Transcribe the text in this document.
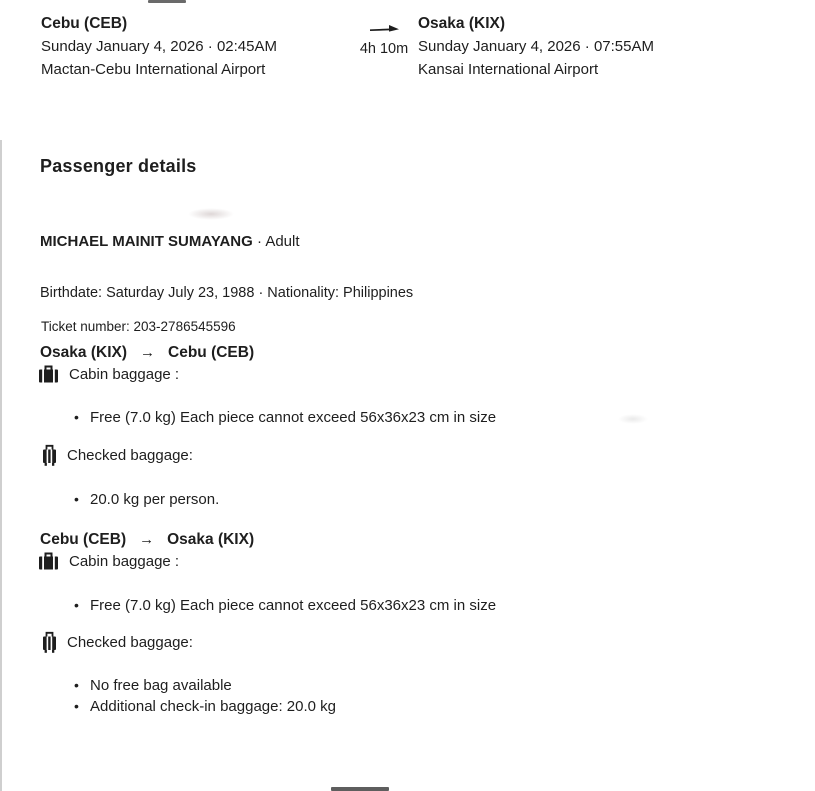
Cebu (CEB)
Sunday January 4, 2026 · 02:45AM
Mactan-Cebu International Airport
4h 10m
Osaka (KIX)
Sunday January 4, 2026 · 07:55AM
Kansai International Airport
Passenger details
MICHAEL MAINIT SUMAYANG · Adult
Birthdate: Saturday July 23, 1988 · Nationality: Philippines
Ticket number: 203-2786545596
Osaka (KIX) → Cebu (CEB)
Cabin baggage :
• Free (7.0 kg) Each piece cannot exceed 56x36x23 cm in size
Checked baggage:
• 20.0 kg per person.
Cebu (CEB) → Osaka (KIX)
Cabin baggage :
• Free (7.0 kg) Each piece cannot exceed 56x36x23 cm in size
Checked baggage:
• No free bag available
• Additional check-in baggage: 20.0 kg
